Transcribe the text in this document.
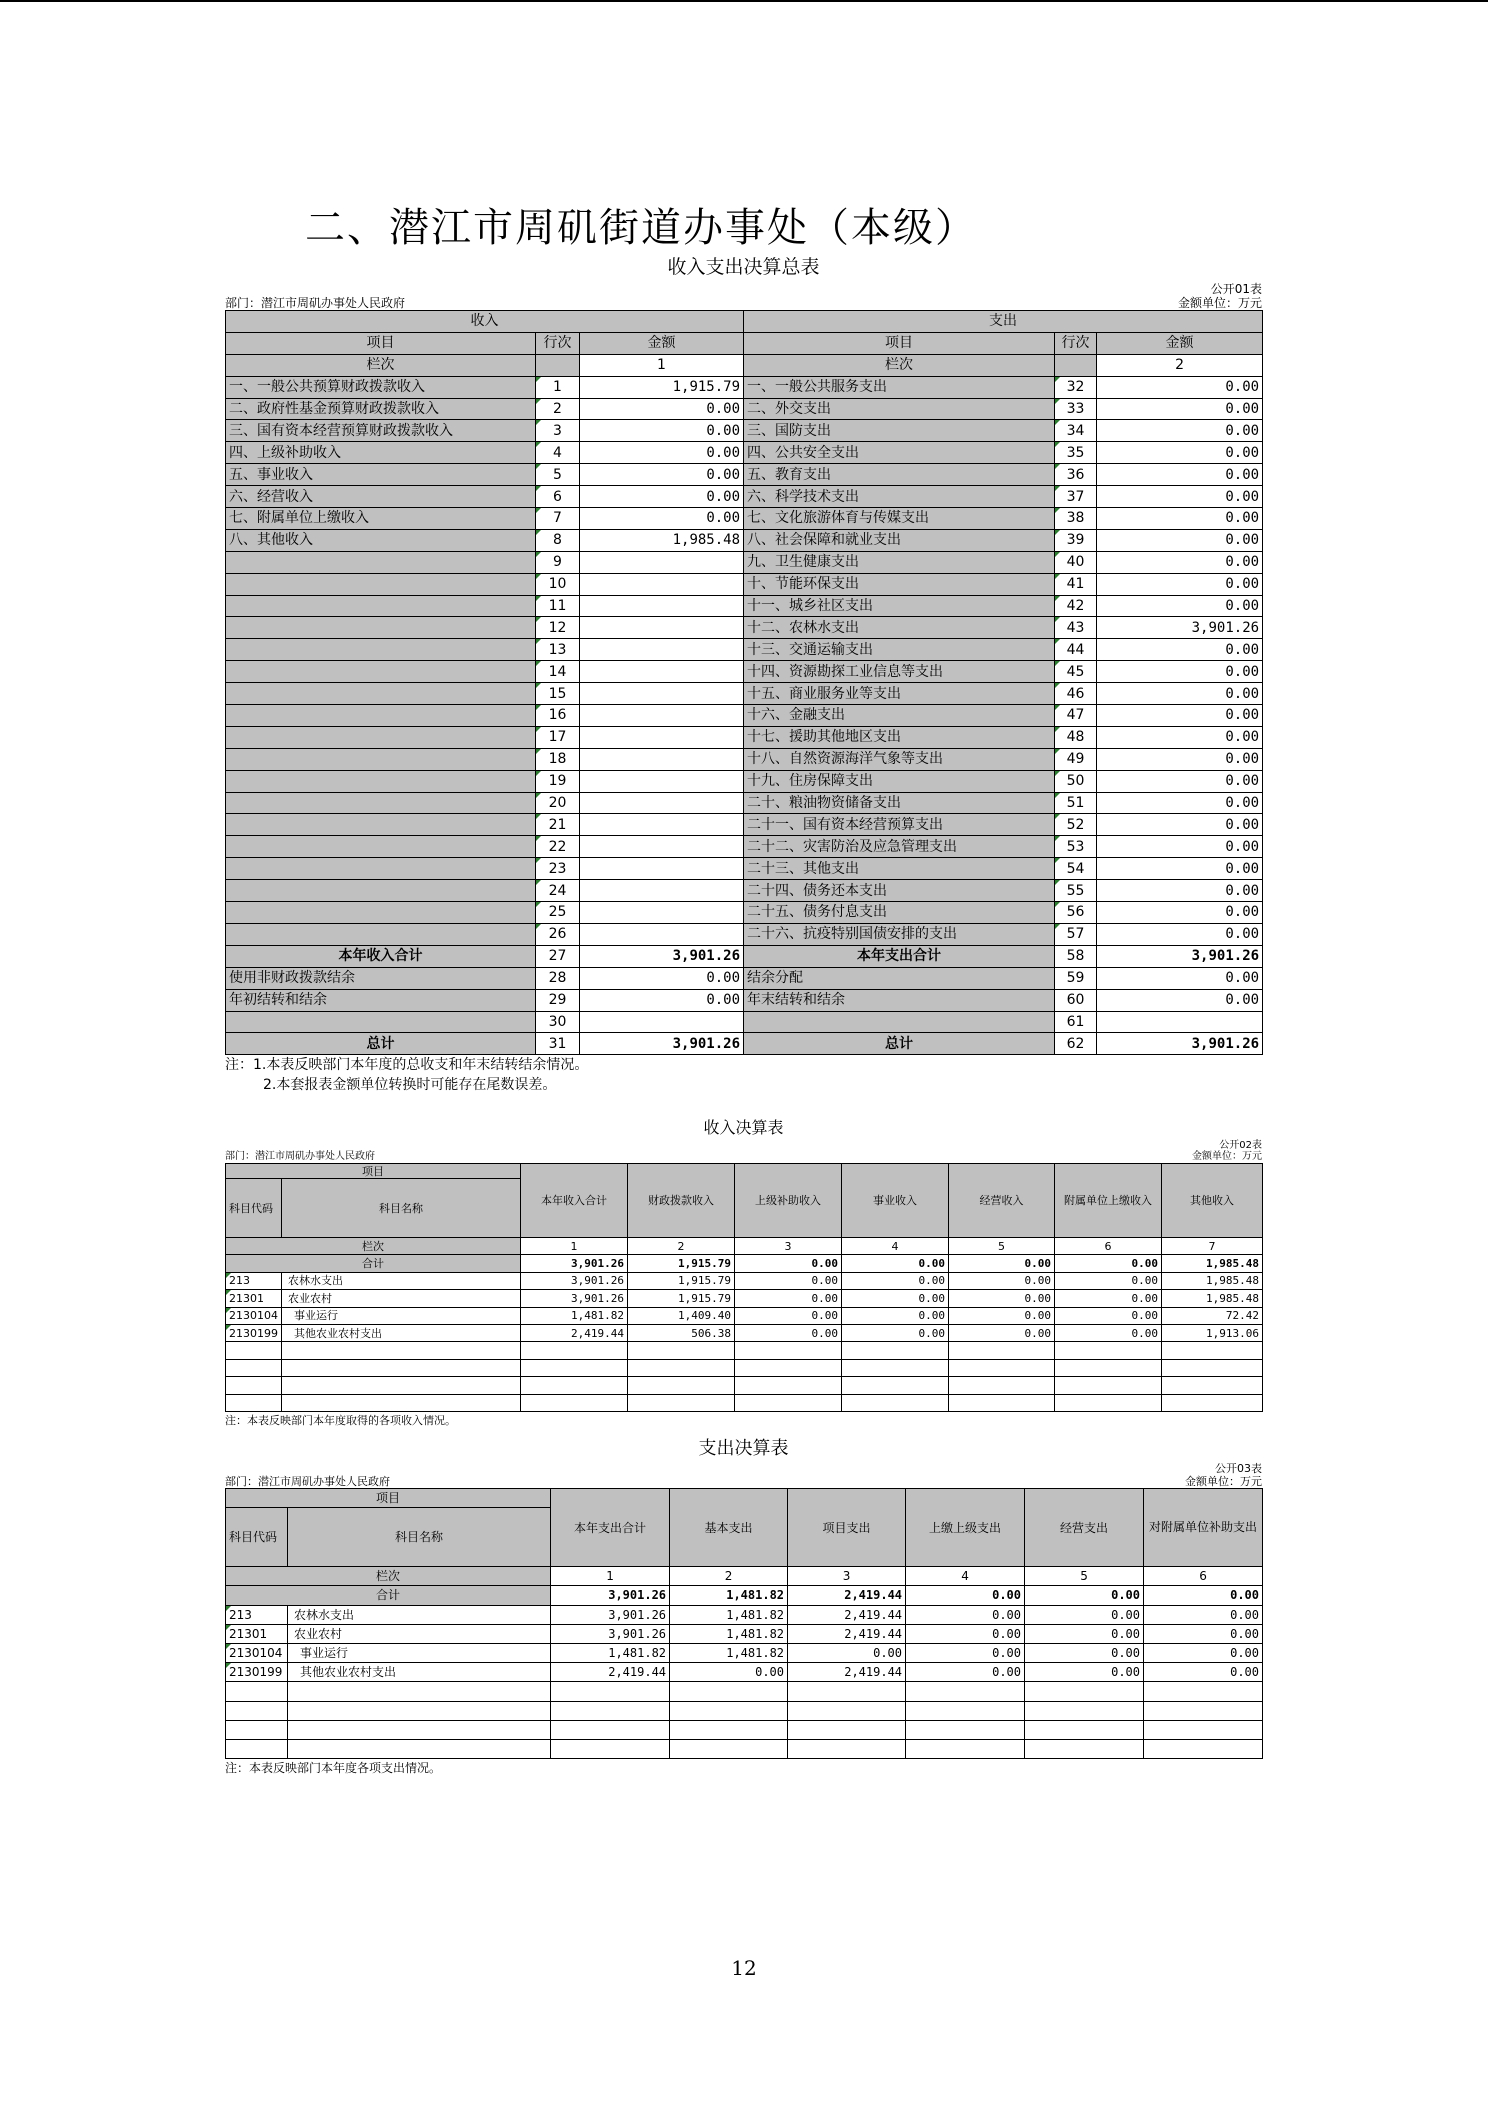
二、潜江市周矶街道办事处（本级）
收入支出决算总表
公开01表
部门：潜江市周矶办事处人民政府	金额单位：万元
收入			支出		
项目	行次	金额	项目	行次	金额
栏次		1	栏次		2
一、一般公共预算财政拨款收入	1	1,915.79	一、一般公共服务支出	32	0.00
二、政府性基金预算财政拨款收入	2	0.00	二、外交支出	33	0.00
三、国有资本经营预算财政拨款收入	3	0.00	三、国防支出	34	0.00
四、上级补助收入	4	0.00	四、公共安全支出	35	0.00
五、事业收入	5	0.00	五、教育支出	36	0.00
六、经营收入	6	0.00	六、科学技术支出	37	0.00
七、附属单位上缴收入	7	0.00	七、文化旅游体育与传媒支出	38	0.00
八、其他收入	8	1,985.48	八、社会保障和就业支出	39	0.00
	9		九、卫生健康支出	40	0.00
	10		十、节能环保支出	41	0.00
	11		十一、城乡社区支出	42	0.00
	12		十二、农林水支出	43	3,901.26
	13		十三、交通运输支出	44	0.00
	14		十四、资源勘探工业信息等支出	45	0.00
	15		十五、商业服务业等支出	46	0.00
	16		十六、金融支出	47	0.00
	17		十七、援助其他地区支出	48	0.00
	18		十八、自然资源海洋气象等支出	49	0.00
	19		十九、住房保障支出	50	0.00
	20		二十、粮油物资储备支出	51	0.00
	21		二十一、国有资本经营预算支出	52	0.00
	22		二十二、灾害防治及应急管理支出	53	0.00
	23		二十三、其他支出	54	0.00
	24		二十四、债务还本支出	55	0.00
	25		二十五、债务付息支出	56	0.00
	26		二十六、抗疫特别国债安排的支出	57	0.00
本年收入合计	27	3,901.26	本年支出合计	58	3,901.26
使用非财政拨款结余	28	0.00	结余分配	59	0.00
年初结转和结余	29	0.00	年末结转和结余	60	0.00
	30			61	
总计	31	3,901.26	总计	62	3,901.26
注：1.本表反映部门本年度的总收支和年末结转结余情况。
2.本套报表金额单位转换时可能存在尾数误差。
收入决算表
公开02表
部门：潜江市周矶办事处人民政府	金额单位：万元
项目		本年收入合计	财政拨款收入	上级补助收入	事业收入	经营收入	附属单位上缴收入	其他收入
科目代码	科目名称							
栏次		1	2	3	4	5	6	7
合计		3,901.26	1,915.79	0.00	0.00	0.00	0.00	1,985.48
213	农林水支出	3,901.26	1,915.79	0.00	0.00	0.00	0.00	1,985.48
21301	农业农村	3,901.26	1,915.79	0.00	0.00	0.00	0.00	1,985.48
2130104	事业运行	1,481.82	1,409.40	0.00	0.00	0.00	0.00	72.42
2130199	其他农业农村支出	2,419.44	506.38	0.00	0.00	0.00	0.00	1,913.06

注：本表反映部门本年度取得的各项收入情况。
支出决算表
公开03表
部门：潜江市周矶办事处人民政府	金额单位：万元
项目		本年支出合计	基本支出	项目支出	上缴上级支出	经营支出	对附属单位补助支出
科目代码	科目名称						
栏次		1	2	3	4	5	6
合计		3,901.26	1,481.82	2,419.44	0.00	0.00	0.00
213	农林水支出	3,901.26	1,481.82	2,419.44	0.00	0.00	0.00
21301	农业农村	3,901.26	1,481.82	2,419.44	0.00	0.00	0.00
2130104	事业运行	1,481.82	1,481.82	0.00	0.00	0.00	0.00
2130199	其他农业农村支出	2,419.44	0.00	2,419.44	0.00	0.00	0.00

注：本表反映部门本年度各项支出情况。
12
